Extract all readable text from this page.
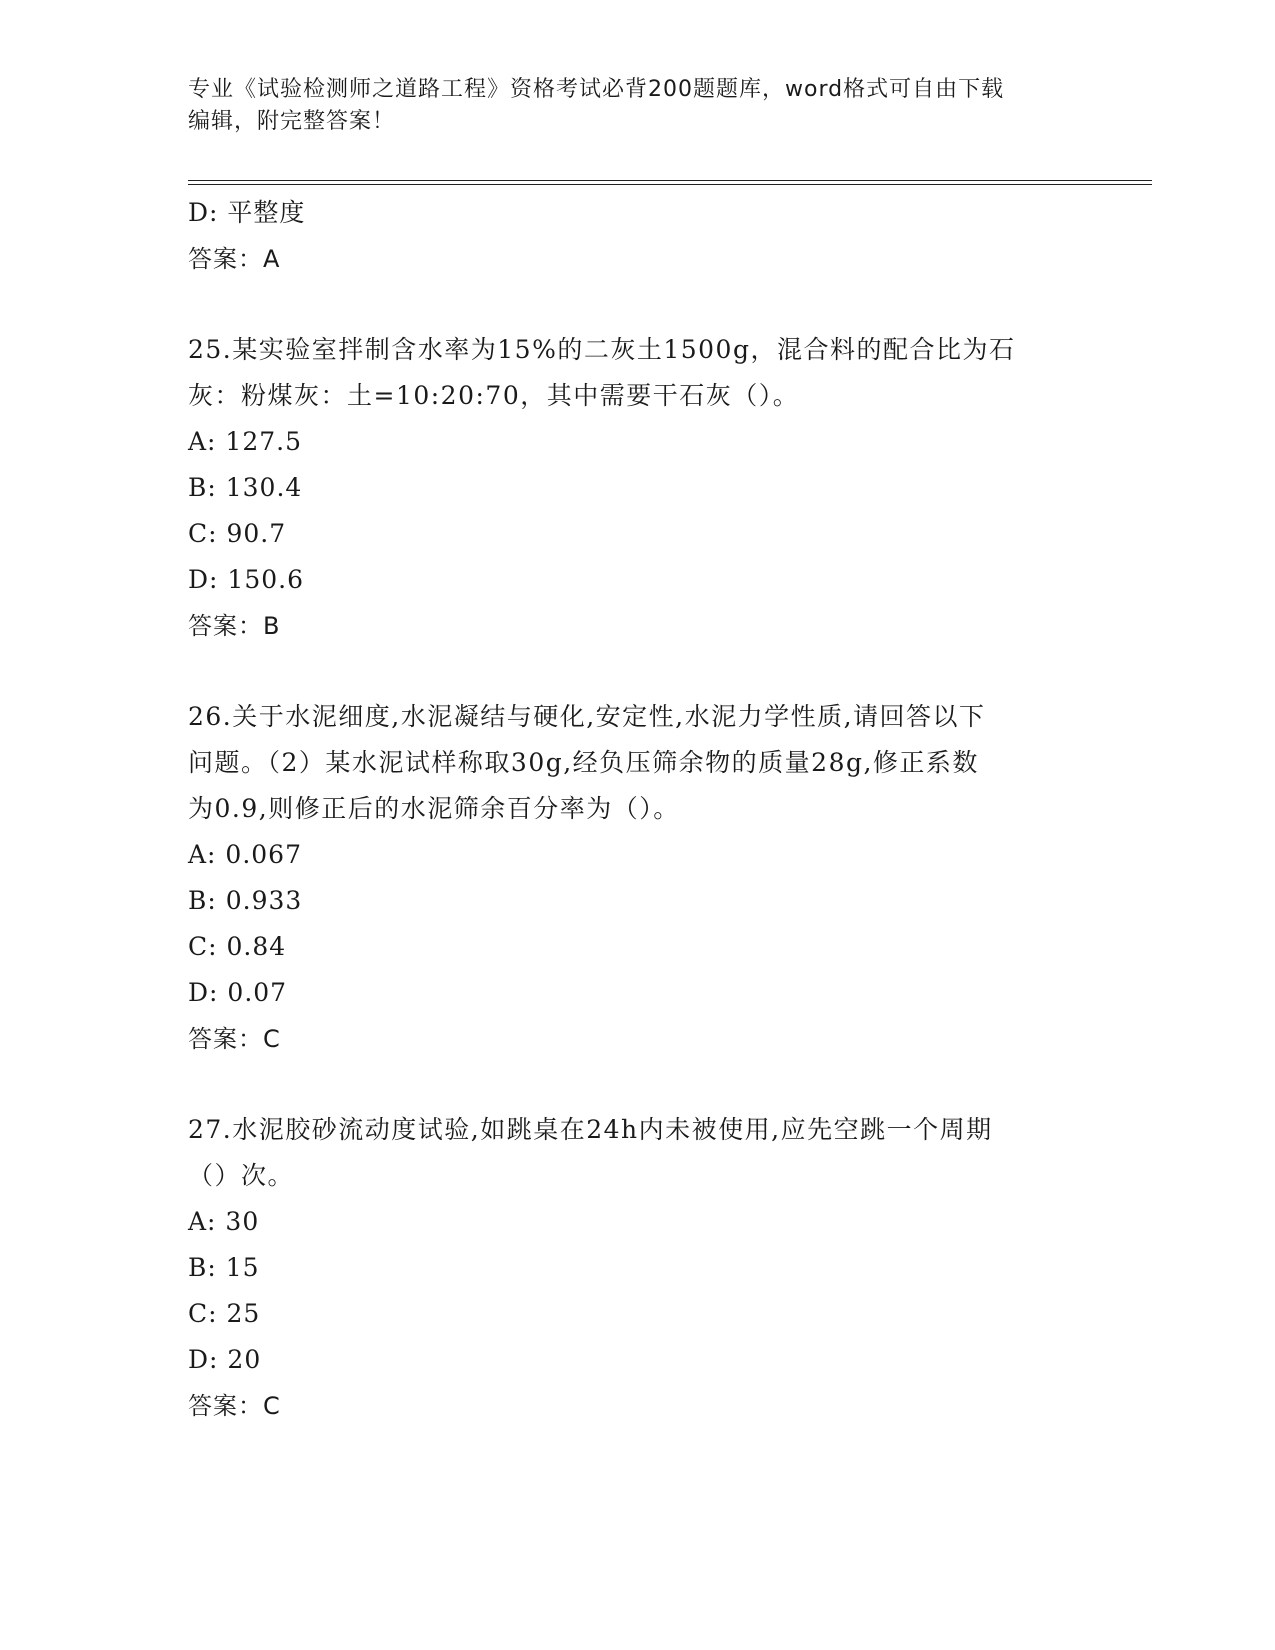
专业《试验检测师之道路工程》资格考试必背200题题库，word格式可自由下载
编辑，附完整答案！
D: 平整度
答案：A
25.某实验室拌制含水率为15%的二灰土1500g，混合料的配合比为石
灰：粉煤灰：土=10:20:70，其中需要干石灰（）。
A: 127.5
B: 130.4
C: 90.7
D: 150.6
答案：B
26.关于水泥细度,水泥凝结与硬化,安定性,水泥力学性质,请回答以下
问题。（2）某水泥试样称取30g,经负压筛余物的质量28g,修正系数
为0.9,则修正后的水泥筛余百分率为（）。
A: 0.067
B: 0.933
C: 0.84
D: 0.07
答案：C
27.水泥胶砂流动度试验,如跳桌在24h内未被使用,应先空跳一个周期
（）次。
A: 30
B: 15
C: 25
D: 20
答案：C
